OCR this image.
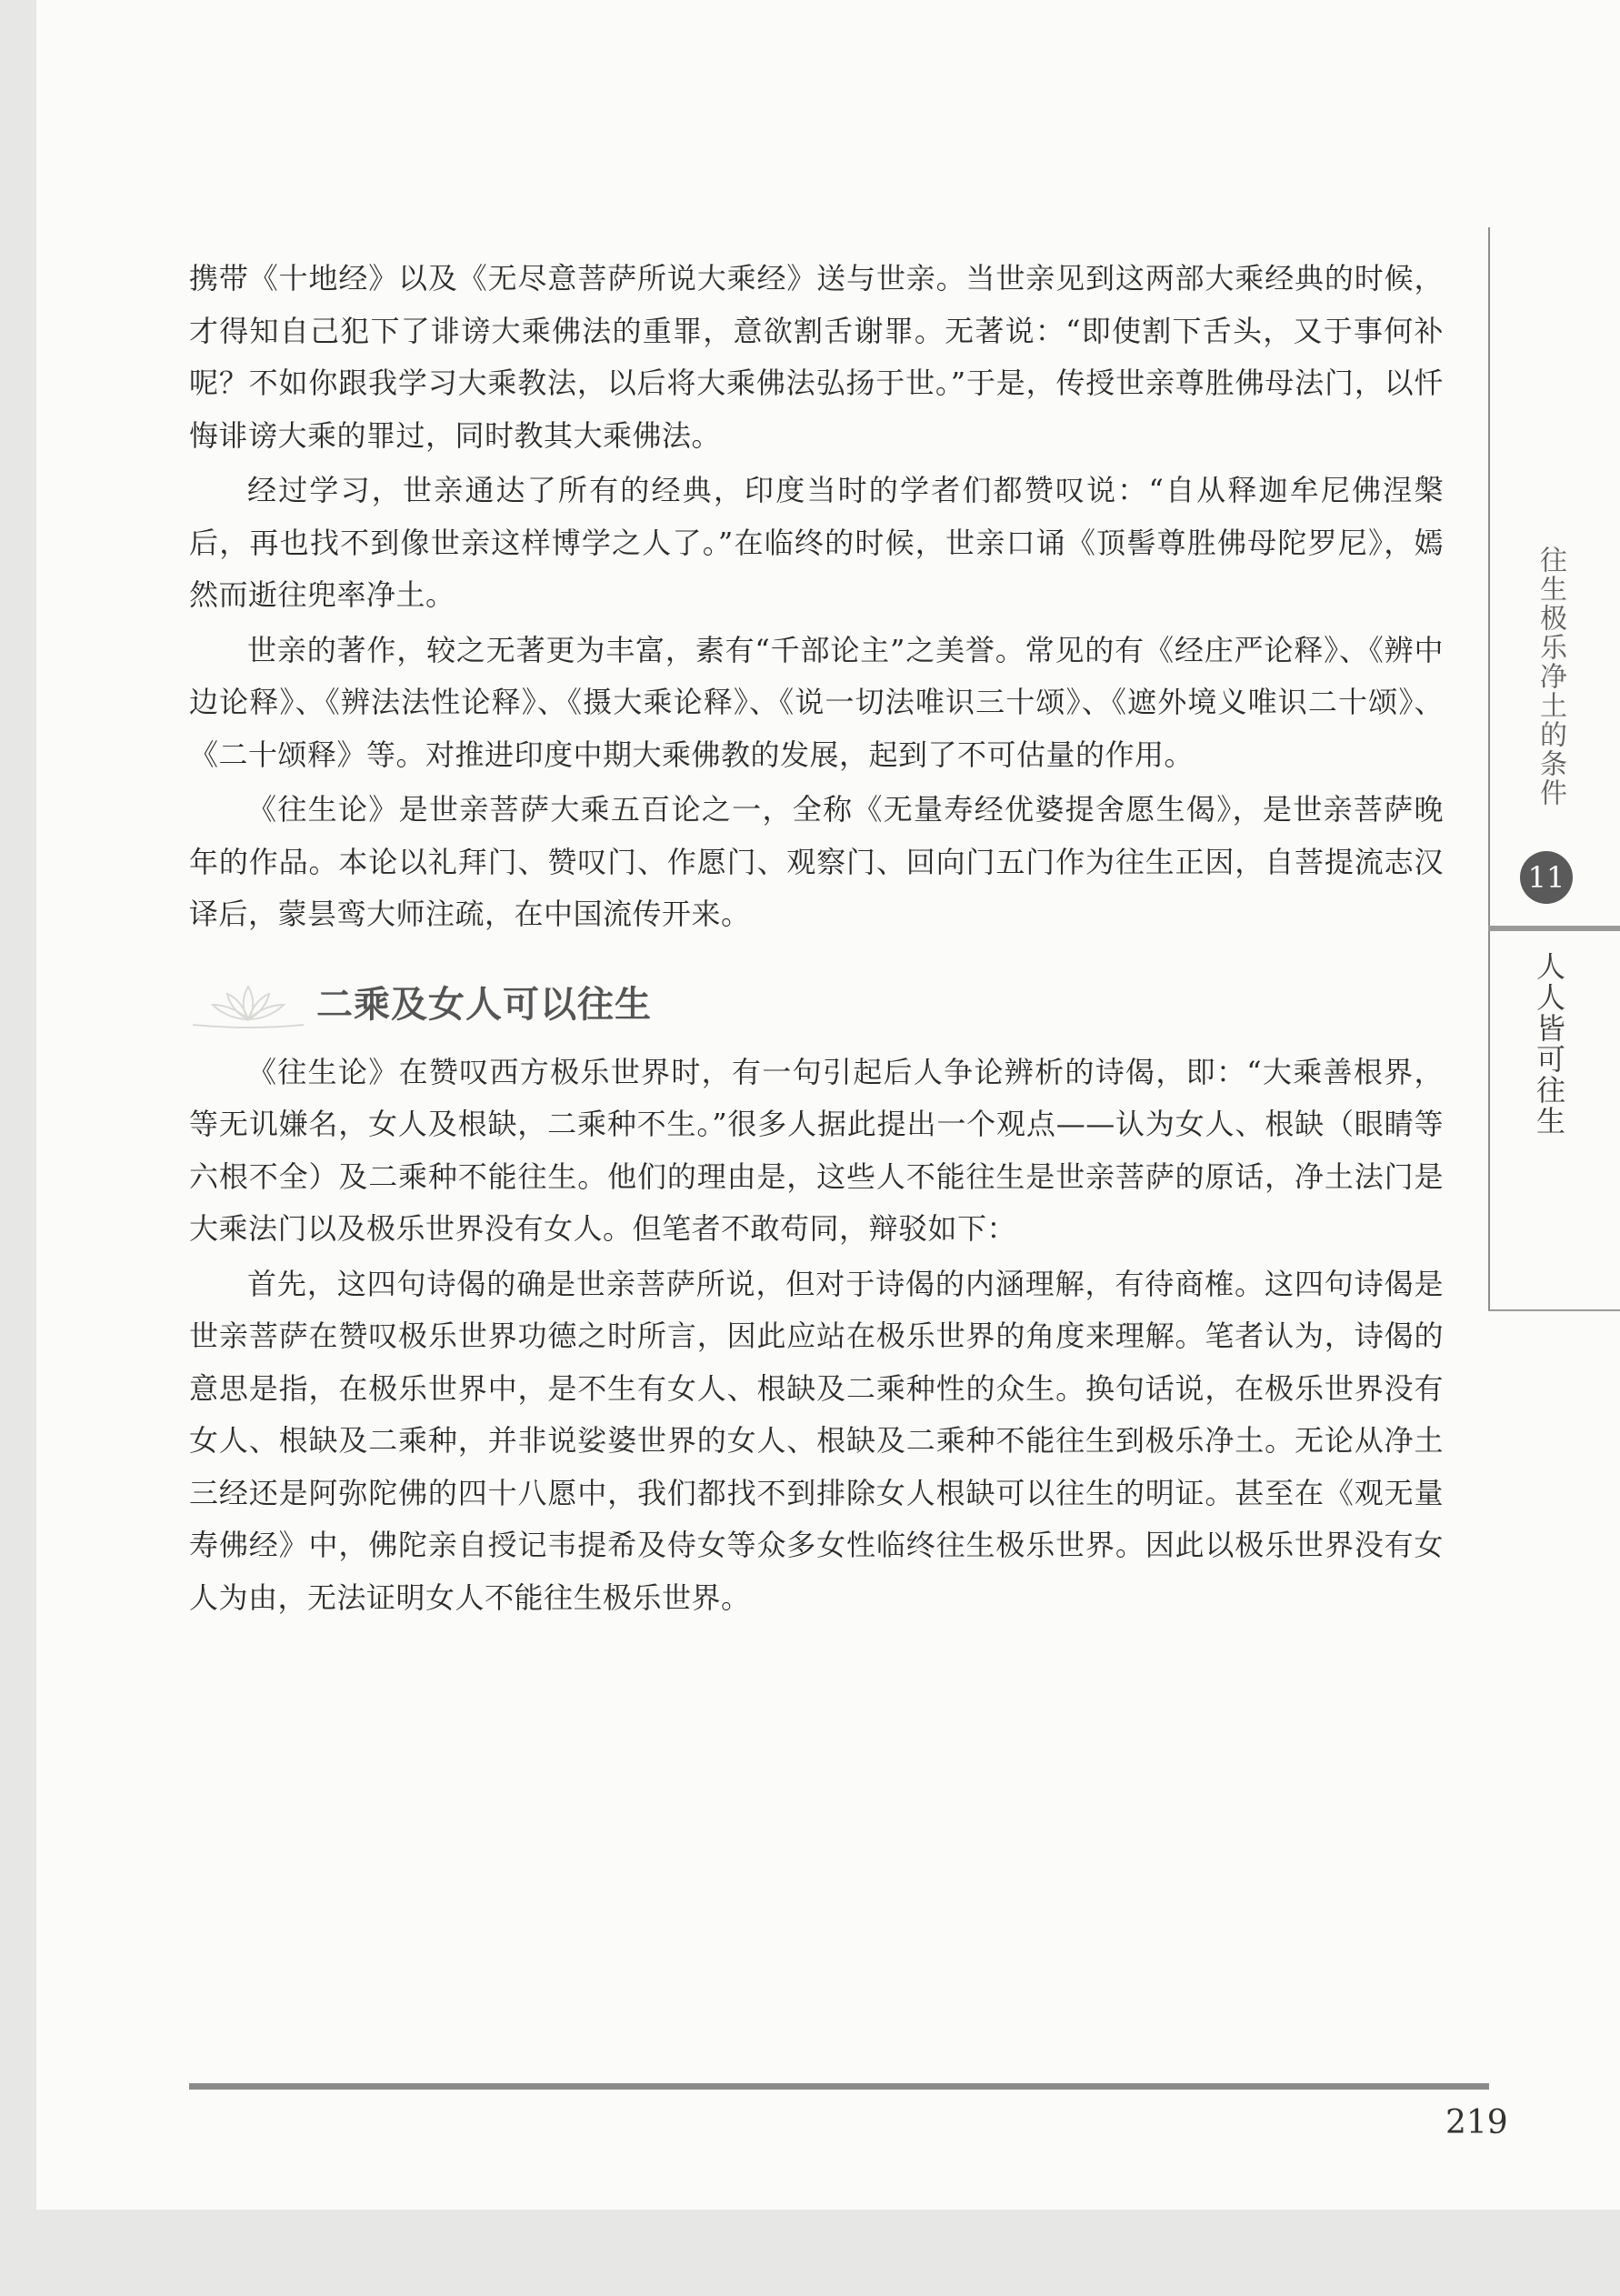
携带《十地经》以及《无尽意菩萨所说大乘经》送与世亲。当世亲见到这两部大乘经典的时候，才得知自己犯下了诽谤大乘佛法的重罪，意欲割舌谢罪。无著说：“即使割下舌头，又于事何补呢？不如你跟我学习大乘教法，以后将大乘佛法弘扬于世。”于是，传授世亲尊胜佛母法门，以忏悔诽谤大乘的罪过，同时教其大乘佛法。

经过学习，世亲通达了所有的经典，印度当时的学者们都赞叹说：“自从释迦牟尼佛涅槃后，再也找不到像世亲这样博学之人了。”在临终的时候，世亲口诵《顶髻尊胜佛母陀罗尼》，嫣然而逝往兜率净土。

世亲的著作，较之无著更为丰富，素有“千部论主”之美誉。常见的有《经庄严论释》、《辨中边论释》、《辨法法性论释》、《摄大乘论释》、《说一切法唯识三十颂》、《遮外境义唯识二十颂》、《二十颂释》等。对推进印度中期大乘佛教的发展，起到了不可估量的作用。

《往生论》是世亲菩萨大乘五百论之一，全称《无量寿经优婆提舍愿生偈》，是世亲菩萨晚年的作品。本论以礼拜门、赞叹门、作愿门、观察门、回向门五门作为往生正因，自菩提流志汉译后，蒙昙鸾大师注疏，在中国流传开来。

二乘及女人可以往生

《往生论》在赞叹西方极乐世界时，有一句引起后人争论辨析的诗偈，即：“大乘善根界，等无讥嫌名，女人及根缺，二乘种不生。”很多人据此提出一个观点——认为女人、根缺（眼睛等六根不全）及二乘种不能往生。他们的理由是，这些人不能往生是世亲菩萨的原话，净土法门是大乘法门以及极乐世界没有女人。但笔者不敢苟同，辩驳如下：

首先，这四句诗偈的确是世亲菩萨所说，但对于诗偈的内涵理解，有待商榷。这四句诗偈是世亲菩萨在赞叹极乐世界功德之时所言，因此应站在极乐世界的角度来理解。笔者认为，诗偈的意思是指，在极乐世界中，是不生有女人、根缺及二乘种性的众生。换句话说，在极乐世界没有女人、根缺及二乘种，并非说娑婆世界的女人、根缺及二乘种不能往生到极乐净土。无论从净土三经还是阿弥陀佛的四十八愿中，我们都找不到排除女人根缺可以往生的明证。甚至在《观无量寿佛经》中，佛陀亲自授记韦提希及侍女等众多女性临终往生极乐世界。因此以极乐世界没有女人为由，无法证明女人不能往生极乐世界。

往生极乐净土的条件
11
人人皆可往生
219
